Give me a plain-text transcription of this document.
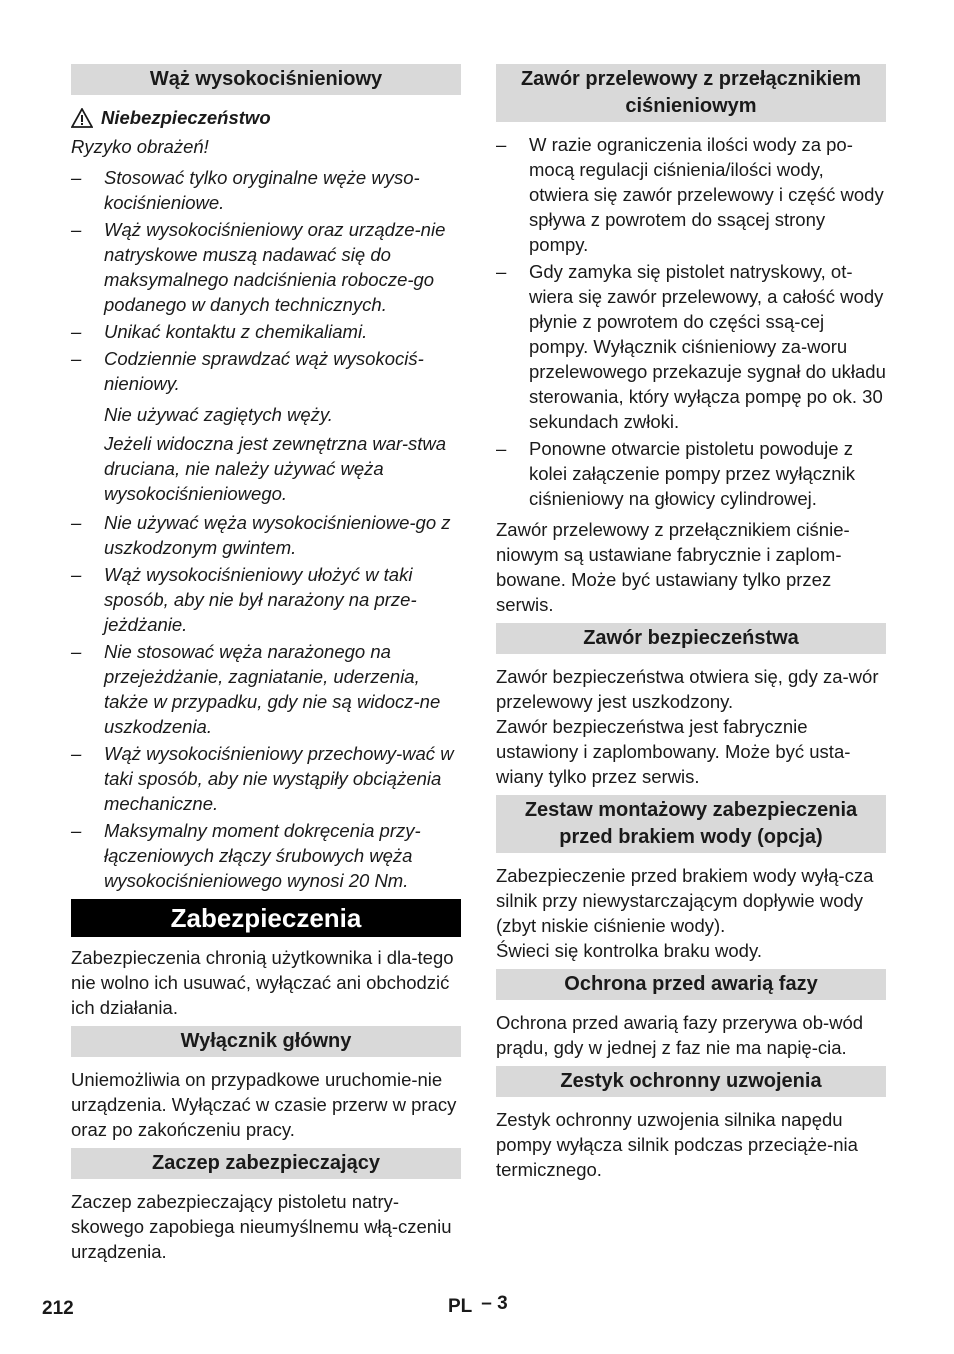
Wąż wysokociśnieniowy
Niebezpieczeństwo

Ryzyko obrażeń!

– Stosować tylko oryginalne węże wyso-kociśnieniowe.
– Wąż wysokociśnieniowy oraz urządze-nie natryskowe muszą nadawać się do maksymalnego nadciśnienia robocze-go podanego w danych technicznych.
– Unikać kontaktu z chemikaliami.
– Codziennie sprawdzać wąż wysokociś-nieniowy.
Nie używać zagiętych węży.
Jeżeli widoczna jest zewnętrzna war-stwa druciana, nie należy używać węża wysokociśnieniowego.
– Nie używać węża wysokociśnieniowe-go z uszkodzonym gwintem.
– Wąż wysokociśnieniowy ułożyć w taki sposób, aby nie był narażony na prze-jeżdżanie.
– Nie stosować węża narażonego na przejeżdżanie, zagniatanie, uderzenia, także w przypadku, gdy nie są widocz-ne uszkodzenia.
– Wąż wysokociśnieniowy przechowy-wać w taki sposób, aby nie wystąpiły obciążenia mechaniczne.
– Maksymalny moment dokręcenia przy-łączeniowych złączy śrubowych węża wysokociśnieniowego wynosi 20 Nm.
Zabezpieczenia

Zabezpieczenia chronią użytkownika i dla-tego nie wolno ich usuwać, wyłączać ani obchodzić ich działania.

Wyłącznik główny

Uniemożliwia on przypadkowe uruchomie-nie urządzenia. Wyłączać w czasie przerw w pracy oraz po zakończeniu pracy.

Zaczep zabezpieczający

Zaczep zabezpieczający pistoletu natry-skowego zapobiega nieumyślnemu włą-czeniu urządzenia.

Zawór przelewowy z przełącznikiem ciśnieniowym
– W razie ograniczenia ilości wody za po-mocą regulacji ciśnienia/ilości wody, otwiera się zawór przelewowy i część wody spływa z powrotem do ssącej strony pompy.
– Gdy zamyka się pistolet natryskowy, ot-wiera się zawór przelewowy, a całość wody płynie z powrotem do części ssą-cej pompy. Wyłącznik ciśnieniowy za-woru przelewowego przekazuje sygnał do układu sterowania, który wyłącza pompę po ok. 30 sekundach zwłoki.
– Ponowne otwarcie pistoletu powoduje z kolei załączenie pompy przez wyłącznik ciśnieniowy na głowicy cylindrowej.

Zawór przelewowy z przełącznikiem ciśnie-niowym są ustawiane fabrycznie i zaplom-bowane. Może być ustawiany tylko przez serwis.

Zawór bezpieczeństwa

Zawór bezpieczeństwa otwiera się, gdy za-wór przelewowy jest uszkodzony.

Zawór bezpieczeństwa jest fabrycznie ustawiony i zaplombowany. Może być usta-wiany tylko przez serwis.

Zestaw montażowy zabezpieczenia przed brakiem wody (opcja)

Zabezpieczenie przed brakiem wody wyłą-cza silnik przy niewystarczającym dopływie wody (zbyt niskie ciśnienie wody).

Świeci się kontrolka braku wody.

Ochrona przed awarią fazy

Ochrona przed awarią fazy przerywa ob-wód prądu, gdy w jednej z faz nie ma napię-cia.

Zestyk ochronny uzwojenia

Zestyk ochronny uzwojenia silnika napędu pompy wyłącza silnik podczas przeciąże-nia termicznego.

212	PL – 3
